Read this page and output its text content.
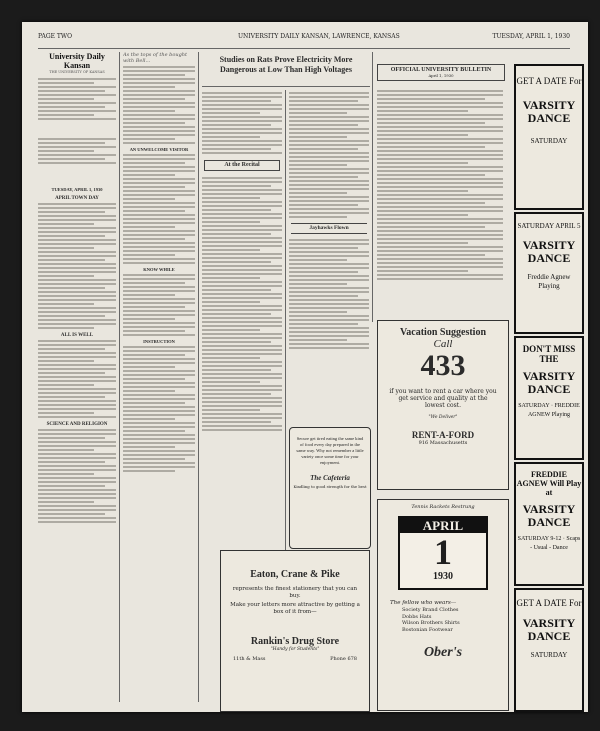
PAGE TWO	UNIVERSITY DAILY KANSAN, LAWRENCE, KANSAS	TUESDAY, APRIL 1, 1930
University Daily Kansan
THE UNIVERSITY OF KANSAS
TUESDAY, APRIL 1, 1930
APRIL TOWN DAY
ALL IS WELL
SCIENCE AND RELIGION
As the tops of the bought with Bell...
AN UNWELCOME VISITOR
KNOW WHILE
INSTRUCTION
Studies on Rats Prove Electricity More Dangerous at Low Than High Voltages
At the Recital
Jayhawks Flown
Secure get tired eating the same kind of food every day prepared in the same way. Why not remember a little variety once some time for your enjoyment.
The Cafeteria
Kindling to good strength for the best
OFFICIAL UNIVERSITY BULLETIN
April 1, 1930
Vacation Suggestion
Call
433
if you want to rent a car where you get service and quality at the lowest cost.
"We Deliver"
RENT-A-FORD
916 Massachusetts
Eaton, Crane & Pike
represents the finest stationery that you can buy.
Make your letters more attractive by getting a box of it from—
Rankin's Drug Store
"Handy for Students"
11th & Mass	Phone 678
Tennis Rackets Restrung
APRIL
1
1930
The fellow who wears—
Society Brand Clothes
Dobbs Hats
Wilson Brothers Shirts
Bostonian Footwear
Ober's
GET A DATE For
VARSITY DANCE
SATURDAY
SATURDAY APRIL 5
VARSITY DANCE
Freddie Agnew Playing
DON'T MISS THE
VARSITY DANCE
SATURDAY · FREDDIE AGNEW Playing
FREDDIE AGNEW Will Play at
VARSITY DANCE
SATURDAY 9-12 · Scaps - Usual - Dance
GET A DATE For
VARSITY DANCE
SATURDAY
